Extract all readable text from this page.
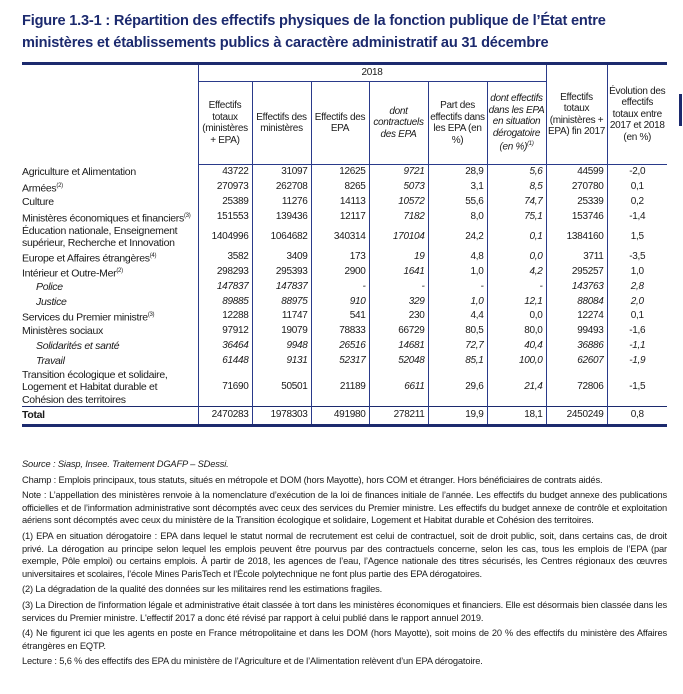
Figure 1.3-1 : Répartition des effectifs physiques de la fonction publique de l’État entre ministères et établissements publics à caractère administratif au 31 décembre
	2018						Effectifs totaux (ministères + EPA) fin 2017	Évolution des effectifs totaux entre 2017 et 2018 (en %)
	Effectifs totaux (ministères + EPA)	Effectifs des ministères	Effectifs des EPA	dont contractuels des EPA	Part des effectifs dans les EPA (en %)	dont effectifs dans les EPA en situation dérogatoire (en %)$^{(1)}$
Agriculture et Alimentation	43722	31097	12625	9721	28,9	5,6	44599	-2,0
Armées$^{(2)}$	270973	262708	8265	5073	3,1	8,5	270780	0,1
Culture	25389	11276	14113	10572	55,6	74,7	25339	0,2
Ministères économiques et financiers$^{(3)}$	151553	139436	12117	7182	8,0	75,1	153746	-1,4
Éducation nationale, Enseignement supérieur, Recherche et Innovation	1404996	1064682	340314	170104	24,2	0,1	1384160	1,5
Europe et Affaires étrangères$^{(4)}$	3582	3409	173	19	4,8	0,0	3711	-3,5
Intérieur et Outre-Mer$^{(2)}$	298293	295393	2900	1641	1,0	4,2	295257	1,0
Police	147837	147837	-	-	-	-	143763	2,8
Justice	89885	88975	910	329	1,0	12,1	88084	2,0
Services du Premier ministre$^{(3)}$	12288	11747	541	230	4,4	0,0	12274	0,1
Ministères sociaux	97912	19079	78833	66729	80,5	80,0	99493	-1,6
Solidarités et santé	36464	9948	26516	14681	72,7	40,4	36886	-1,1
Travail	61448	9131	52317	52048	85,1	100,0	62607	-1,9
Transition écologique et solidaire, Logement et Habitat durable et Cohésion des territoires	71690	50501	21189	6611	29,6	21,4	72806	-1,5
Total	2470283	1978303	491980	278211	19,9	18,1	2450249	0,8

Source : Siasp, Insee. Traitement DGAFP – SDessi.

Champ : Emplois principaux, tous statuts, situés en métropole et DOM (hors Mayotte), hors COM et étranger. Hors bénéficiaires de contrats aidés.

Note : L’appellation des ministères renvoie à la nomenclature d’exécution de la loi de finances initiale de l’année. Les effectifs du budget annexe des publications officielles et de l’information administrative sont décomptés avec ceux des services du Premier ministre. Les effectifs du budget annexe de contrôle et exploitation aériens sont décomptés avec ceux du ministère de la Transition écologique et solidaire, Logement et Habitat durable et Cohésion des territoires.

(1) EPA en situation dérogatoire : EPA dans lequel le statut normal de recrutement est celui de contractuel, soit de droit public, soit, dans certains cas, de droit privé. La dérogation au principe selon lequel les emplois peuvent être pourvus par des contractuels concerne, selon les cas, tous les emplois de l’EPA (par exemple, Pôle emploi) ou certains emplois. À partir de 2018, les agences de l’eau, l’Agence nationale des titres sécurisés, les Centres régionaux des œuvres universitaires et scolaires, l’école Mines ParisTech et l’École polytechnique ne font plus partie des EPA dérogatoires.

(2) La dégradation de la qualité des données sur les militaires rend les estimations fragiles.

(3) La Direction de l'information légale et administrative était classée à tort dans les ministères économiques et financiers. Elle est désormais bien classée dans les services du Premier ministre. L'effectif 2017 a donc été révisé par rapport à celui publié dans le rapport annuel 2019.

(4) Ne figurent ici que les agents en poste en France métropolitaine et dans les DOM (hors Mayotte), soit moins de 20 % des effectifs du ministère des Affaires étrangères en EQTP.

Lecture : 5,6 % des effectifs des EPA du ministère de l’Agriculture et de l’Alimentation relèvent d’un EPA dérogatoire.
